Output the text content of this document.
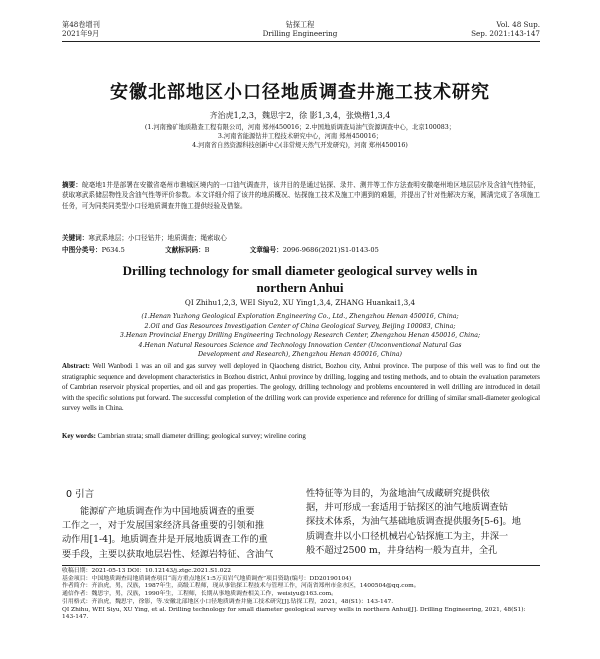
第48卷增刊
2021年9月
钻探工程
Drilling Engineering
Vol. 48 Sup.
Sep. 2021:143-147
安徽北部地区小口径地质调查井施工技术研究
齐治虎1,2,3，魏思宇2，徐 影1,3,4，张焕楷1,3,4
(1.河南豫矿地质勘查工程有限公司，河南 郑州450016；2.中国地质调查局油气资源调查中心，北京100083；
3.河南省能源钻井工程技术研究中心，河南 郑州450016；
4.河南省自然资源科技创新中心(非常规天然气开发研究)，河南 郑州450016)
摘要：皖亳地1井是部署在安徽省亳州市谯城区境内的一口油气调查井，该井目的是通过钻探、录井、测井等工作方法查明安徽亳州地区地层层序及含油气性特征，获取寒武系储层物性及含油气性等评价参数。本文详细介绍了该井的地质概况、钻探施工技术及施工中遇到的难题，并提出了针对性解决方案，圆满完成了各项施工任务，可为同类同类型小口径地质调查井施工提供经验及借鉴。
关键词：寒武系地层；小口径钻井；地质调查；绳索取心
中图分类号：P634.5	文献标识码：B	文章编号：2096-9686(2021)S1-0143-05
Drilling technology for small diameter geological survey wells in
northern Anhui
QI Zhihu1,2,3, WEI Siyu2, XU Ying1,3,4, ZHANG Huankai1,3,4
(1.Henan Yuzhong Geological Exploration Engineering Co., Ltd., Zhengzhou Henan 450016, China;
2.Oil and Gas Resources Investigation Center of China Geological Survey, Beijing 100083, China;
3.Henan Provincial Energy Drilling Engineering Technology Research Center, Zhengzhou Henan 450016, China;
4.Henan Natural Resources Science and Technology Innovation Center (Unconventional Natural Gas
Development and Research), Zhengzhou Henan 450016, China)
Abstract: Well Wanbodi 1 was an oil and gas survey well deployed in Qiaocheng district, Bozhou city, Anhui province. The purpose of this well was to find out the stratigraphic sequence and development characteristics in Bozhou district, Anhui province by drilling, logging and testing methods, and to obtain the evaluation parameters of Cambrian reservoir physical properties, and oil and gas properties. The geology, drilling technology and problems encountered in well drilling are introduced in detail with the specific solutions put forward. The successful completion of the drilling work can provide experience and reference for drilling of similar small-diameter geological survey wells in China.
Key words: Cambrian strata; small diameter drilling; geological survey; wireline coring
0 引言
能源矿产地质调查作为中国地质调查的重要
工作之一，对于发展国家经济具备重要的引领和推
动作用[1-4]。地质调查井是开展地质调查工作的重
要手段，主要以获取地层岩性、烃源岩特征、含油气
性特征等为目的，为盆地油气成藏研究提供依
据，并可形成一套适用于钻探区的油气地质调查钻
探技术体系，为油气基础地质调查提供服务[5-6]。地
质调查井以小口径机械岩心钻探施工为主，井深一
般不超过2500 m，井身结构一般为直井，全孔
收稿日期：2021-05-13 DOI：10.12143/j.ztgc.2021.S1.022
基金项目：中国地质调查局地质调查项目“南方重点地区1:5万页岩气地质调查”项目资助(编号：DD20190104)
作者简介：齐治虎，男，汉族，1987年生，高级工程师，现从事钻探工程技术与管理工作，河南省郑州市金水区，1400504@qq.com。
通信作者：魏思宇，男，汉族，1990年生，工程师，长期从事地质调查相关工作，weisiyu@163.com。
引用格式：齐治虎，魏思宇，徐影，等.安徽北部地区小口径地质调查井施工技术研究[J].钻探工程，2021，48(S1)：143-147.
QI Zhihu, WEI Siyu, XU Ying, et al. Drilling technology for small diameter geological survey wells in northern Anhui[J]. Drilling Engineering, 2021, 48(S1): 143-147.
